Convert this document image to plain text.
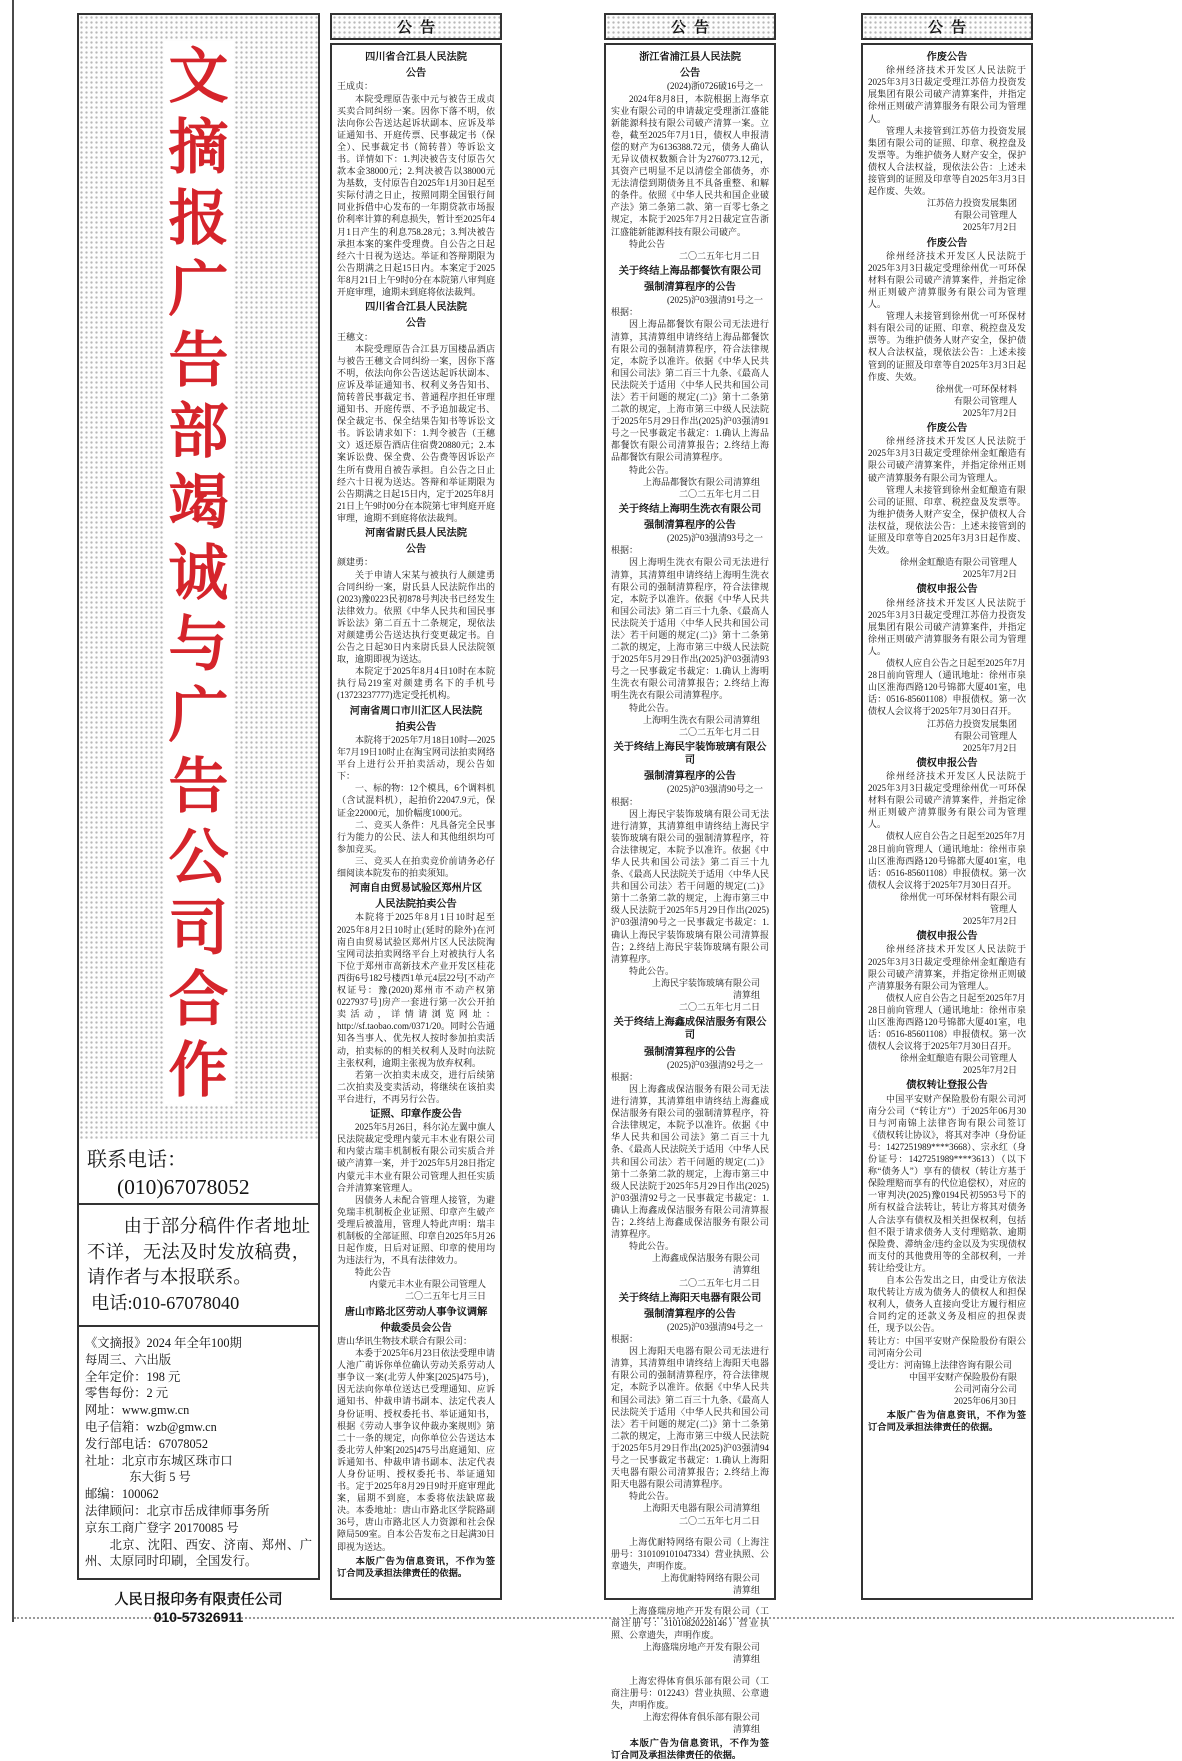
文
摘
报
广
告
部
竭
诚
与
广
告
公
司
合
作
联系电话：
(010)67078052

由于部分稿件作者地址不详，无法及时发放稿费，请作者与本报联系。

电话:010-67078040

《文摘报》2024 年全年100期
每周三、六出版
全年定价：198 元
零售每份：2 元
网址：www.gmw.cn
电子信箱：wzb@gmw.cn
发行部电话：67078052
社址：北京市东城区珠市口
东大街 5 号
邮编：100062
法律顾问：北京市岳成律师事务所
京东工商广登字 20170085 号
北京、沈阳、西安、济南、郑州、广州、太原同时印刷，全国发行。
人民日报印务有限责任公司
010-57326911
公告
四川省合江县人民法院
公告
王成贞：
本院受理原告张中元与被告王成贞买卖合同纠纷一案。因你下落不明，依法向你公告送达起诉状副本、应诉及举证通知书、开庭传票、民事裁定书（保全）、民事裁定书（简转普）等诉讼文书。详情如下：1.判决被告支付原告欠款本金38000元；2.判决被告以38000元为基数，支付原告自2025年1月30日起至实际付清之日止，按照同期全国银行间同业拆借中心发布的一年期贷款市场报价利率计算的利息损失，暂计至2025年4月1日产生的利息758.28元；3.判决被告承担本案的案件受理费。自公告之日起经六十日视为送达。举证和答辩期限为公告期满之日起15日内。本案定于2025年8月21日上午9时0分在本院第八审判庭开庭审理，逾期未到庭将依法裁判。
四川省合江县人民法院
公告
王穗文：
本院受理原告合江县万国楼品酒店与被告王穗文合同纠纷一案，因你下落不明，依法向你公告送达起诉状副本、应诉及举证通知书、权利义务告知书、简转普民事裁定书、普通程序担任审理通知书、开庭传票、不予追加裁定书、保全裁定书、保全结果告知书等诉讼文书。诉讼请求如下：1.判令被告（王穗文）返还原告酒店住宿费20880元；2.本案诉讼费、保全费、公告费等因诉讼产生所有费用自被告承担。自公告之日止经六十日视为送达。答辩和举证期限为公告期满之日起15日内，定于2025年8月21日上午9时00分在本院第七审判庭开庭审理，逾期不到庭将依法裁判。
河南省尉氏县人民法院
公告
颜建勇：
关于申请人宋某与被执行人颜建勇合同纠纷一案，尉氏县人民法院作出的(2023)豫0223民初878号判决书已经发生法律效力。依照《中华人民共和国民事诉讼法》第二百五十二条规定，现依法对颜建勇公告送达执行变更裁定书。自公告之日起30日内来尉氏县人民法院领取，逾期即视为送达。
本院定于2025年8月4日10时在本院执行局219室对颜建勇名下的手机号(13723237777)选定受托机构。
河南省周口市川汇区人民法院
拍卖公告
本院将于2025年7月18日10时—2025年7月19日10时止在淘宝网司法拍卖网络平台上进行公开拍卖活动，现公告如下：
一、标的物：12个模具，6个调料机（含试混料机），起拍价22047.9元，保证金22000元，加价幅度1000元。
二、竞买人条件：凡具备完全民事行为能力的公民、法人和其他组织均可参加竞买。
三、竞买人在拍卖竞价前请务必仔细阅读本院发布的拍卖须知。
河南自由贸易试验区郑州片区
人民法院拍卖公告
本院将于2025年8月1日10时起至2025年8月2日10时止(延时的除外)在河南自由贸易试验区郑州片区人民法院淘宝网司法拍卖网络平台上对被执行人名下位于郑州市高新技术产业开发区桂花西街6号182号楼西1单元4层22号[不动产权证号：豫(2020)郑州市不动产权第0227937号]房产一套进行第一次公开拍卖活动，详情请浏览网址：http://sf.taobao.com/0371/20。同时公告通知各当事人、优先权人按时参加拍卖活动，拍卖标的的相关权利人及时向法院主张权利，逾期主张视为放弃权利。
若第一次拍卖未成交，进行后续第二次拍卖及变卖活动，将继续在该拍卖平台进行，不再另行公告。
证照、印章作废公告
2025年5月26日，科尔沁左翼中旗人民法院裁定受理内蒙元丰木业有限公司和内蒙古瑞丰机制板有限公司实质合并破产清算一案，并于2025年5月28日指定内蒙元丰木业有限公司管理人担任实质合并清算案管理人。
因债务人未配合管理人接管，为避免瑞丰机制板企业证照、印章产生破产受理后被滥用，管理人特此声明：瑞丰机制板的全部证照、印章自2025年5月26日起作废，日后对证照、印章的使用均为违法行为，不具有法律效力。
特此公告
内蒙元丰木业有限公司管理人
二〇二五年七月三日
唐山市路北区劳动人事争议调解
仲裁委员会公告
唐山华讯生物技术联合有限公司：
本委于2025年6月23日依法受理申请人池广萌诉你单位确认劳动关系劳动人事争议一案(北劳人仲案[2025]475号)，因无法向你单位送达已受理通知、应诉通知书、仲裁申请书副本、法定代表人身份证明、授权委托书、举证通知书，根据《劳动人事争议仲裁办案规则》第二十一条的规定，向你单位公告送达本委北劳人仲案[2025]475号出庭通知、应诉通知书、仲裁申请书副本、法定代表人身份证明、授权委托书、举证通知书。定于2025年8月29日9时开庭审理此案，届期不到庭，本委将依法缺席裁决。本委地址：唐山市路北区学院路副36号，唐山市路北区人力资源和社会保障局509室。自本公告发布之日起满30日即视为送达。
本版广告为信息资讯，不作为签订合同及承担法律责任的依据。
公告
浙江省浦江县人民法院
公告
(2024)浙0726破16号之一
2024年8月8日，本院根据上海华京实业有限公司的申请裁定受理浙江盛能新能源科技有限公司破产清算一案。立卷，截至2025年7月1日，债权人申报清偿的财产为6136388.72元，债务人确认无异议债权数额合计为2760773.12元，其资产已明显不足以清偿全部债务，亦无法清偿到期债务且不具备重整、和解的条件。依照《中华人民共和国企业破产法》第二条第二款、第一百零七条之规定，本院于2025年7月2日裁定宣告浙江盛能新能源科技有限公司破产。
特此公告
二〇二五年七月二日
关于终结上海品都餐饮有限公司
强制清算程序的公告
(2025)沪03强清91号之一
根据：
因上海品都餐饮有限公司无法进行清算，其清算组申请终结上海品都餐饮有限公司的强制清算程序，符合法律规定，本院予以准许。依据《中华人民共和国公司法》第二百三十九条、《最高人民法院关于适用〈中华人民共和国公司法〉若干问题的规定(二)》第十二条第二款的规定，上海市第三中级人民法院于2025年5月29日作出(2025)沪03强清91号之一民事裁定书裁定：1.确认上海品都餐饮有限公司清算报告；2.终结上海品都餐饮有限公司清算程序。
特此公告。
上海品都餐饮有限公司清算组
二〇二五年七月二日
关于终结上海明生洗衣有限公司
强制清算程序的公告
(2025)沪03强清93号之一
根据：
因上海明生洗衣有限公司无法进行清算，其清算组申请终结上海明生洗衣有限公司的强制清算程序，符合法律规定，本院予以准许。依据《中华人民共和国公司法》第二百三十九条、《最高人民法院关于适用〈中华人民共和国公司法〉若干问题的规定(二)》第十二条第二款的规定，上海市第三中级人民法院于2025年5月29日作出(2025)沪03强清93号之一民事裁定书裁定：1.确认上海明生洗衣有限公司清算报告；2.终结上海明生洗衣有限公司清算程序。
特此公告。
上海明生洗衣有限公司清算组
二〇二五年七月二日
关于终结上海民宇装饰玻璃有限公司
强制清算程序的公告
(2025)沪03强清90号之一
根据：
因上海民宇装饰玻璃有限公司无法进行清算，其清算组申请终结上海民宇装饰玻璃有限公司的强制清算程序，符合法律规定，本院予以准许。依据《中华人民共和国公司法》第二百三十九条、《最高人民法院关于适用〈中华人民共和国公司法〉若干问题的规定(二)》第十二条第二款的规定，上海市第三中级人民法院于2025年5月29日作出(2025)沪03强清90号之一民事裁定书裁定：1.确认上海民宇装饰玻璃有限公司清算报告；2.终结上海民宇装饰玻璃有限公司清算程序。
特此公告。
上海民宇装饰玻璃有限公司
清算组
二〇二五年七月二日
关于终结上海鑫成保洁服务有限公司
强制清算程序的公告
(2025)沪03强清92号之一
根据：
因上海鑫成保洁服务有限公司无法进行清算，其清算组申请终结上海鑫成保洁服务有限公司的强制清算程序，符合法律规定，本院予以准许。依据《中华人民共和国公司法》第二百三十九条、《最高人民法院关于适用〈中华人民共和国公司法〉若干问题的规定(二)》第十二条第二款的规定，上海市第三中级人民法院于2025年5月29日作出(2025)沪03强清92号之一民事裁定书裁定：1.确认上海鑫成保洁服务有限公司清算报告；2.终结上海鑫成保洁服务有限公司清算程序。
特此公告。
上海鑫成保洁服务有限公司
清算组
二〇二五年七月二日
关于终结上海阳天电器有限公司
强制清算程序的公告
(2025)沪03强清94号之一
根据：
因上海阳天电器有限公司无法进行清算，其清算组申请终结上海阳天电器有限公司的强制清算程序，符合法律规定，本院予以准许。依据《中华人民共和国公司法》第二百三十九条、《最高人民法院关于适用〈中华人民共和国公司法〉若干问题的规定(二)》第十二条第二款的规定，上海市第三中级人民法院于2025年5月29日作出(2025)沪03强清94号之一民事裁定书裁定：1.确认上海阳天电器有限公司清算报告；2.终结上海阳天电器有限公司清算程序。
特此公告。
上海阳天电器有限公司清算组
二〇二五年七月二日
上海优耐特网络有限公司（上海注册号：310109101047334）营业执照、公章遗失，声明作废。
上海优耐特网络有限公司
清算组
上海盛瑞房地产开发有限公司（工商注册号：31010820228146）营业执照、公章遗失，声明作废。
上海盛瑞房地产开发有限公司
清算组
上海宏得体育俱乐部有限公司（工商注册号：012243）营业执照、公章遗失，声明作废。
上海宏得体育俱乐部有限公司
清算组
本版广告为信息资讯，不作为签订合同及承担法律责任的依据。
公告
作废公告
徐州经济技术开发区人民法院于2025年3月3日裁定受理江苏倍力投资发展集团有限公司破产清算案件，并指定徐州正则破产清算服务有限公司为管理人。
管理人未接管到江苏倍力投资发展集团有限公司的证照、印章、税控盘及发票等。为维护债务人财产安全，保护债权人合法权益，现依法公告：上述未接管到的证照及印章等自2025年3月3日起作废、失效。
江苏倍力投资发展集团
有限公司管理人
2025年7月2日
作废公告
徐州经济技术开发区人民法院于2025年3月3日裁定受理徐州优一可环保材料有限公司破产清算案件，并指定徐州正则破产清算服务有限公司为管理人。
管理人未接管到徐州优一可环保材料有限公司的证照、印章、税控盘及发票等。为维护债务人财产安全，保护债权人合法权益，现依法公告：上述未接管到的证照及印章等自2025年3月3日起作废、失效。
徐州优一可环保材料
有限公司管理人
2025年7月2日
作废公告
徐州经济技术开发区人民法院于2025年3月3日裁定受理徐州金虹酿造有限公司破产清算案件，并指定徐州正则破产清算服务有限公司为管理人。
管理人未接管到徐州金虹酿造有限公司的证照、印章、税控盘及发票等。为维护债务人财产安全，保护债权人合法权益，现依法公告：上述未接管到的证照及印章等自2025年3月3日起作废、失效。
徐州金虹酿造有限公司管理人
2025年7月2日
债权申报公告
徐州经济技术开发区人民法院于2025年3月3日裁定受理江苏倍力投资发展集团有限公司破产清算案件，并指定徐州正则破产清算服务有限公司为管理人。
债权人应自公告之日起至2025年7月28日前向管理人（通讯地址：徐州市泉山区淮海西路120号锦都大厦401室，电话：0516-85601108）申报债权。第一次债权人会议将于2025年7月30日召开。
江苏倍力投资发展集团
有限公司管理人
2025年7月2日
债权申报公告
徐州经济技术开发区人民法院于2025年3月3日裁定受理徐州优一可环保材料有限公司破产清算案件，并指定徐州正则破产清算服务有限公司为管理人。
债权人应自公告之日起至2025年7月28日前向管理人（通讯地址：徐州市泉山区淮海西路120号锦都大厦401室，电话：0516-85601108）申报债权。第一次债权人会议将于2025年7月30日召开。
徐州优一可环保材料有限公司
管理人
2025年7月2日
债权申报公告
徐州经济技术开发区人民法院于2025年3月3日裁定受理徐州金虹酿造有限公司破产清算案，并指定徐州正则破产清算服务有限公司为管理人。
债权人应自公告之日起至2025年7月28日前向管理人（通讯地址：徐州市泉山区淮海西路120号锦都大厦401室，电话：0516-85601108）申报债权。第一次债权人会议将于2025年7月30日召开。
徐州金虹酿造有限公司管理人
2025年7月2日
债权转让登报公告
中国平安财产保险股份有限公司河南分公司（“转让方”）于2025年06月30日与河南锦上法律咨询有限公司签订《债权转让协议》，将其对李冲（身份证号：1427251989****3668）、宗永红（身份证号：1427251989****3613）（以下称“债务人”）享有的债权（转让方基于保险理赔而享有的代位追偿权），对应的一审判决(2025)豫0194民初5953号下的所有权益合法转让，转让方将其对债务人合法享有债权及相关担保权利，包括但不限于请求债务人支付理赔款、逾期保险费、滞纳金/违约金以及为实现债权而支付的其他费用等的全部权利，一并转让给受让方。
自本公告发出之日，由受让方依法取代转让方成为债务人的债权人和担保权利人，债务人直接向受让方履行相应合同约定的还款义务及相应的担保责任，现予以公告。
转让方：中国平安财产保险股份有限公司河南分公司
受让方：河南锦上法律咨询有限公司
中国平安财产保险股份有限
公司河南分公司
2025年06月30日
本版广告为信息资讯，不作为签订合同及承担法律责任的依据。
